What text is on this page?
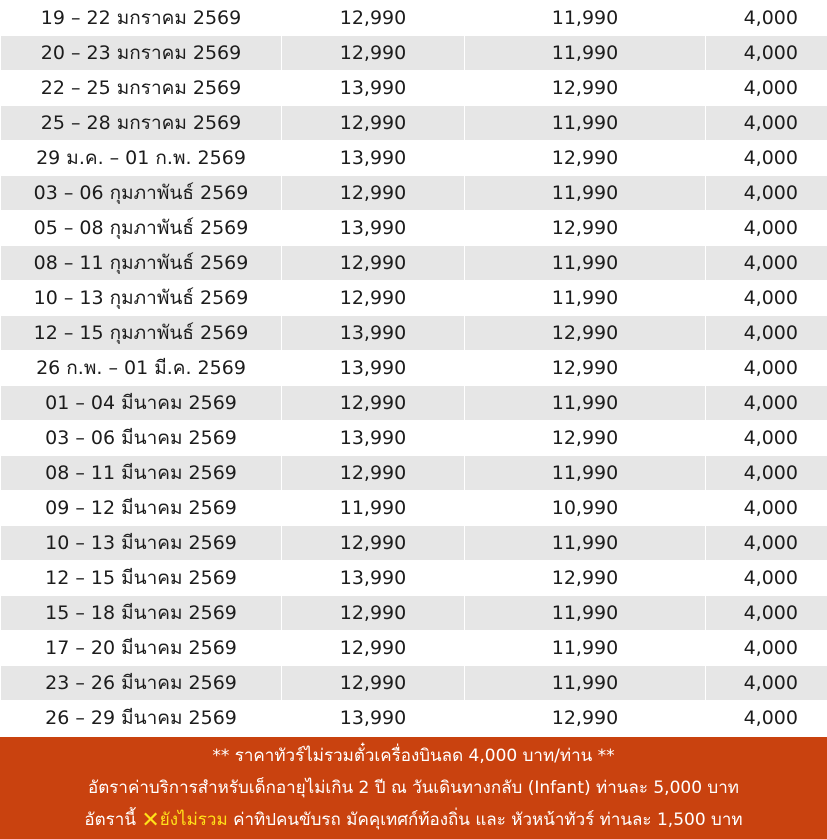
19 – 22 มกราคม 2569	12,990	11,990	4,000
20 – 23 มกราคม 2569	12,990	11,990	4,000
22 – 25 มกราคม 2569	13,990	12,990	4,000
25 – 28 มกราคม 2569	12,990	11,990	4,000
29 ม.ค. – 01 ก.พ. 2569	13,990	12,990	4,000
03 – 06 กุมภาพันธ์ 2569	12,990	11,990	4,000
05 – 08 กุมภาพันธ์ 2569	13,990	12,990	4,000
08 – 11 กุมภาพันธ์ 2569	12,990	11,990	4,000
10 – 13 กุมภาพันธ์ 2569	12,990	11,990	4,000
12 – 15 กุมภาพันธ์ 2569	13,990	12,990	4,000
26 ก.พ. – 01 มี.ค. 2569	13,990	12,990	4,000
01 – 04 มีนาคม 2569	12,990	11,990	4,000
03 – 06 มีนาคม 2569	13,990	12,990	4,000
08 – 11 มีนาคม 2569	12,990	11,990	4,000
09 – 12 มีนาคม 2569	11,990	10,990	4,000
10 – 13 มีนาคม 2569	12,990	11,990	4,000
12 – 15 มีนาคม 2569	13,990	12,990	4,000
15 – 18 มีนาคม 2569	12,990	11,990	4,000
17 – 20 มีนาคม 2569	12,990	11,990	4,000
23 – 26 มีนาคม 2569	12,990	11,990	4,000
26 – 29 มีนาคม 2569	13,990	12,990	4,000
** ราคาทัวร์ไม่รวมตั๋วเครื่องบินลด 4,000 บาท/ท่าน **
อัตราค่าบริการสำหรับเด็กอายุไม่เกิน 2 ปี ณ วันเดินทางกลับ (Infant) ท่านละ 5,000 บาท
อัตรานี้ ✕ยังไม่รวม ค่าทิปคนขับรถ มัคคุเทศก์ท้องถิ่น และ หัวหน้าทัวร์ ท่านละ 1,500 บาท
